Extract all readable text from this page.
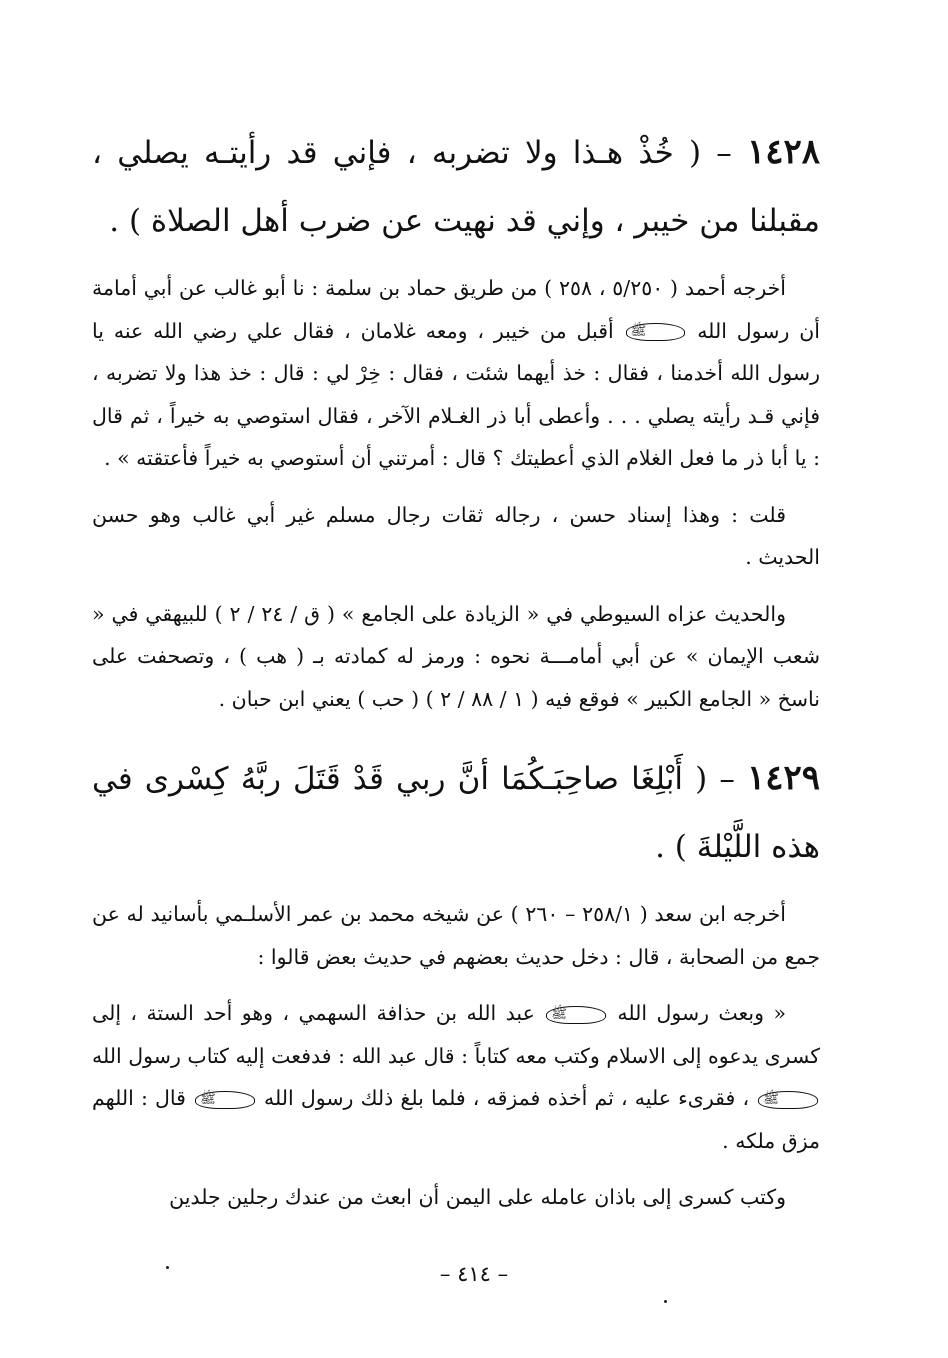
١٤٢٨ – ( خُذْ هـذا ولا تضربه ، فإني قد رأيتـه يصلي ، مقبلنا من خيبر ، وإني قد نهيت عن ضرب أهل الصلاة ) .

أخرجه أحمد ( ٥/٢٥٠ ، ٢٥٨ ) من طريق حماد بن سلمة : نا أبو غالب عن أبي أمامة أن رسول الله ﷺ أقبل من خيبر ، ومعه غلامان ، فقال علي رضي الله عنه يا رسول الله أخدمنا ، فقال : خذ أيهما شئت ، فقال : خِرْ لي : قال : خذ هذا ولا تضربه ، فإني قـد رأيته يصلي . . . وأعطى أبا ذر الغـلام الآخر ، فقال استوصي به خيراً ، ثم قال : يا أبا ذر ما فعل الغلام الذي أعطيتك ؟ قال : أمرتني أن أستوصي به خيراً فأعتقته » .

قلت : وهذا إسناد حسن ، رجاله ثقات رجال مسلم غير أبي غالب وهو حسن الحديث .

والحديث عزاه السيوطي في « الزيادة على الجامع » ( ق / ٢٤ / ٢ ) للبيهقي في « شعب الإيمان » عن أبي أمامـــة نحوه : ورمز له كمادته بـ ( هب ) ، وتصحفت على ناسخ « الجامع الكبير » فوقع فيه ( ١ / ٨٨ / ٢ ) ( حب ) يعني ابن حبان .

١٤٢٩ – ( أَبْلِغَا صاحِبَـكُمَا أنَّ ربي قَدْ قَتَلَ ربَّهُ كِسْرى في هذه اللَّيْلةَ ) .

أخرجه ابن سعد ( ٢٥٨/١ – ٢٦٠ ) عن شيخه محمد بن عمر الأسلـمي بأسانيد له عن جمع من الصحابة ، قال : دخل حديث بعضهم في حديث بعض قالوا :

« وبعث رسول الله ﷺ عبد الله بن حذافة السهمي ، وهو أحد الستة ، إلى كسرى يدعوه إلى الاسلام وكتب معه كتاباً : قال عبد الله : فدفعت إليه كتاب رسول الله ﷺ ، فقرىء عليه ، ثم أخذه فمزقه ، فلما بلغ ذلك رسول الله ﷺ قال : اللهم مزق ملكه .

وكتب كسرى إلى باذان عامله على اليمن أن ابعث من عندك رجلين جلدين

– ٤١٤ –
